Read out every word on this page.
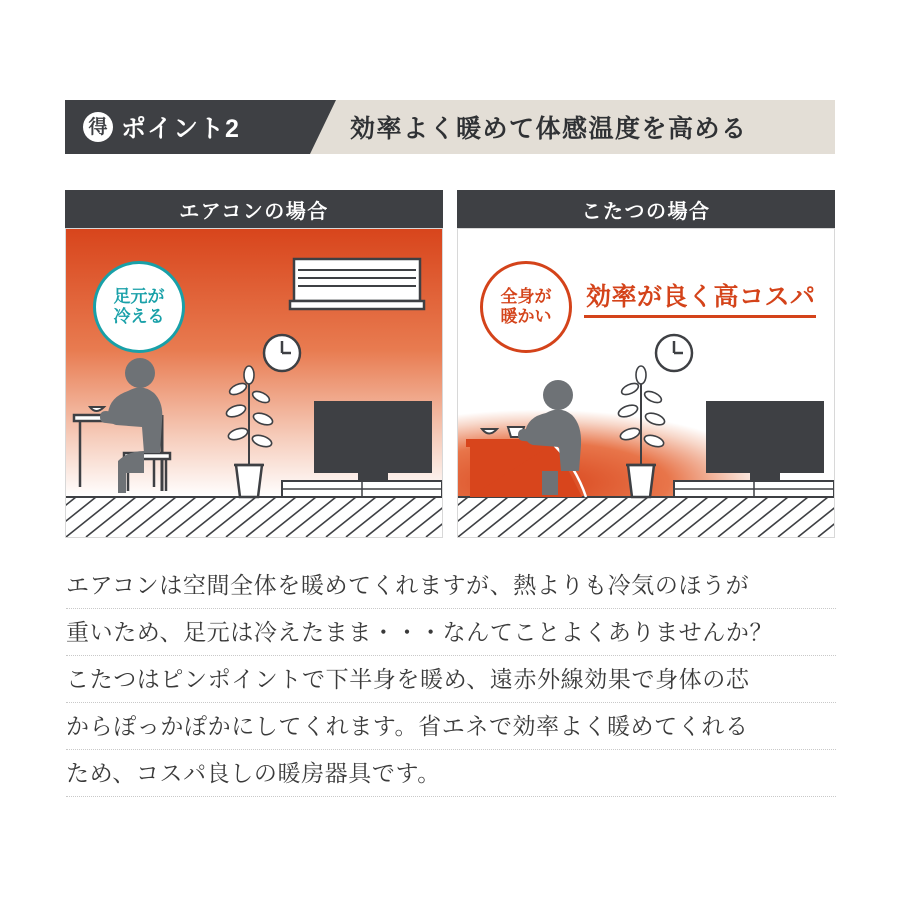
得 ポイント2	効率よく暖めて体感温度を高める
エアコンの場合
足元が
冷える
こたつの場合
全身が
暖かい
効率が良く高コスパ
エアコンは空間全体を暖めてくれますが、熱よりも冷気のほうが
重いため、足元は冷えたまま・・・なんてことよくありませんか？
こたつはピンポイントで下半身を暖め、遠赤外線効果で身体の芯
からぽっかぽかにしてくれます。省エネで効率よく暖めてくれる
ため、コスパ良しの暖房器具です。
